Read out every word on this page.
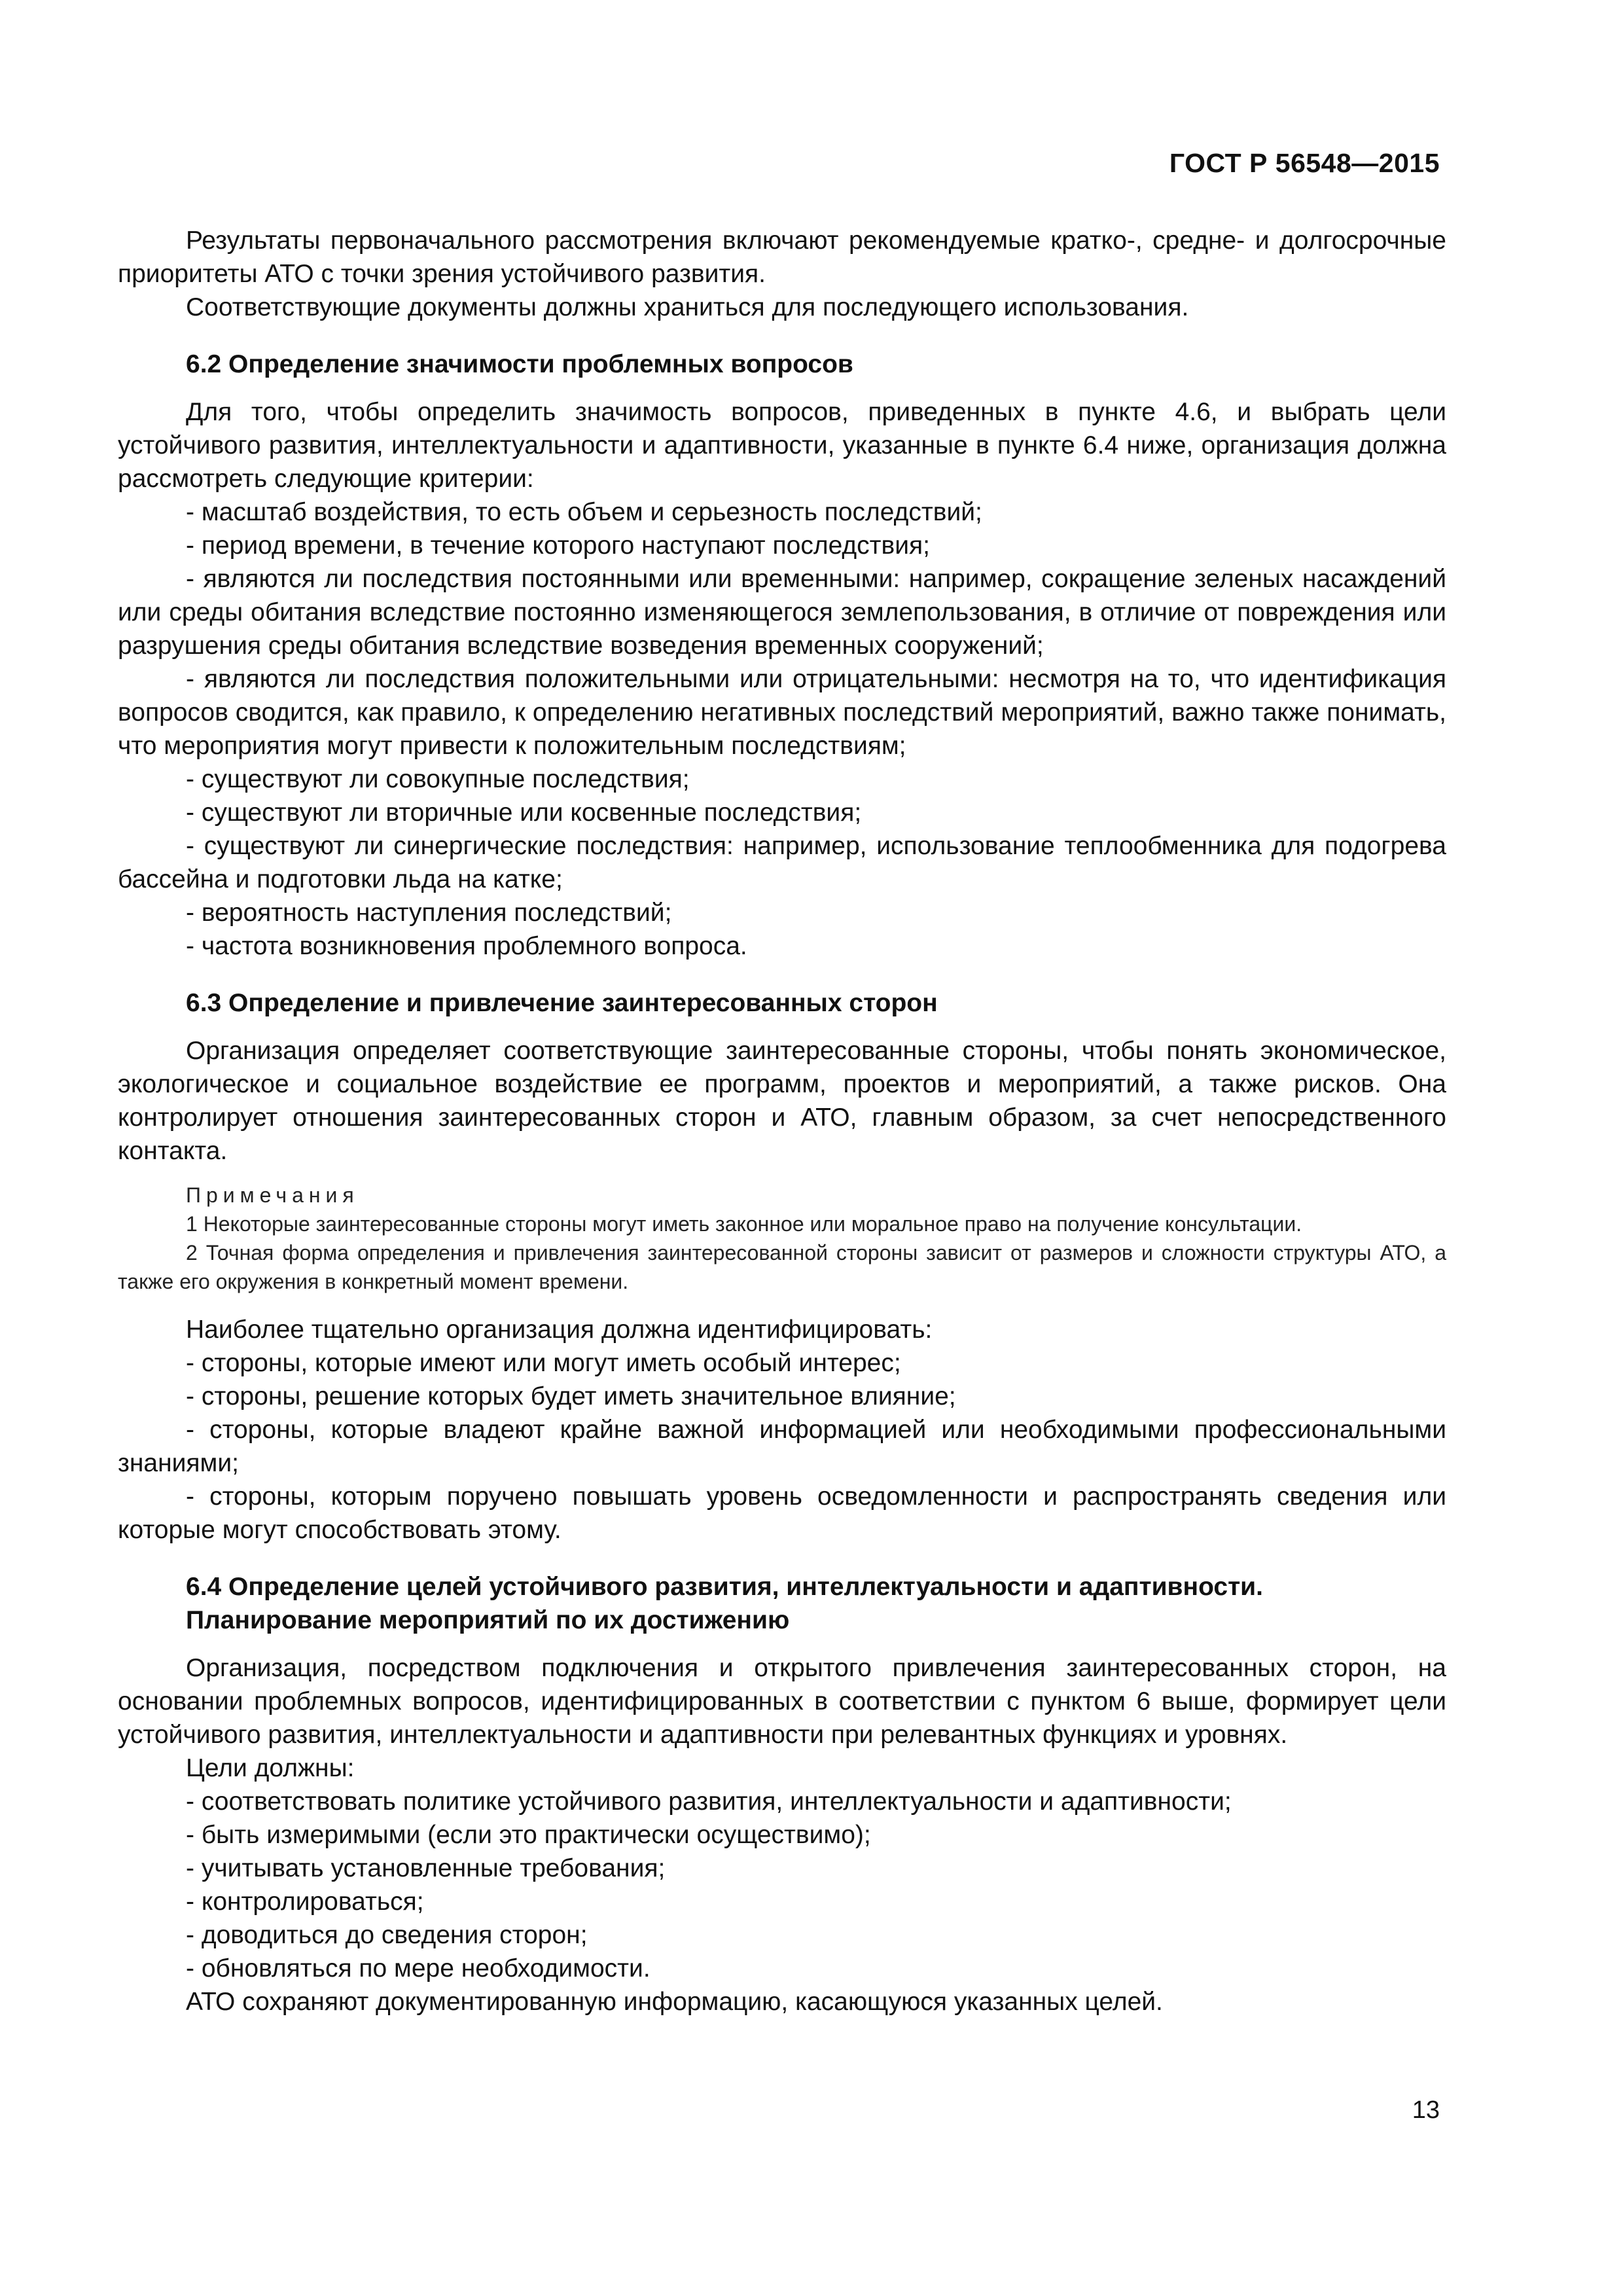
ГОСТ Р 56548—2015

Результаты первоначального рассмотрения включают рекомендуемые кратко-, средне- и долгосрочные приоритеты АТО с точки зрения устойчивого развития.

Соответствующие документы должны храниться для последующего использования.

6.2 Определение значимости проблемных вопросов

Для того, чтобы определить значимость вопросов, приведенных в пункте 4.6, и выбрать цели устойчивого развития, интеллектуальности и адаптивности, указанные в пункте 6.4 ниже, организация должна рассмотреть следующие критерии:

- масштаб воздействия, то есть объем и серьезность последствий;

- период времени, в течение которого наступают последствия;

- являются ли последствия постоянными или временными: например, сокращение зеленых насаждений или среды обитания вследствие постоянно изменяющегося землепользования, в отличие от повреждения или разрушения среды обитания вследствие возведения временных сооружений;

- являются ли последствия положительными или отрицательными: несмотря на то, что идентификация вопросов сводится, как правило, к определению негативных последствий мероприятий, важно также понимать, что мероприятия могут привести к положительным последствиям;

- существуют ли совокупные последствия;

- существуют ли вторичные или косвенные последствия;

- существуют ли синергические последствия: например, использование теплообменника для подогрева бассейна и подготовки льда на катке;

- вероятность наступления последствий;

- частота возникновения проблемного вопроса.

6.3 Определение и привлечение заинтересованных сторон

Организация определяет соответствующие заинтересованные стороны, чтобы понять экономическое, экологическое и социальное воздействие ее программ, проектов и мероприятий, а также рисков. Она контролирует отношения заинтересованных сторон и АТО, главным образом, за счет непосредственного контакта.

Примечания

1 Некоторые заинтересованные стороны могут иметь законное или моральное право на получение консультации.

2 Точная форма определения и привлечения заинтересованной стороны зависит от размеров и сложности структуры АТО, а также его окружения в конкретный момент времени.

Наиболее тщательно организация должна идентифицировать:

- стороны, которые имеют или могут иметь особый интерес;

- стороны, решение которых будет иметь значительное влияние;

- стороны, которые владеют крайне важной информацией или необходимыми профессиональными знаниями;

- стороны, которым поручено повышать уровень осведомленности и распространять сведения или которые могут способствовать этому.

6.4 Определение целей устойчивого развития, интеллектуальности и адаптивности.
Планирование мероприятий по их достижению

Организация, посредством подключения и открытого привлечения заинтересованных сторон, на основании проблемных вопросов, идентифицированных в соответствии с пунктом 6 выше, формирует цели устойчивого развития, интеллектуальности и адаптивности при релевантных функциях и уровнях.

Цели должны:

- соответствовать политике устойчивого развития, интеллектуальности и адаптивности;

- быть измеримыми (если это практически осуществимо);

- учитывать установленные требования;

- контролироваться;

- доводиться до сведения сторон;

- обновляться по мере необходимости.

АТО сохраняют документированную информацию, касающуюся указанных целей.

13
